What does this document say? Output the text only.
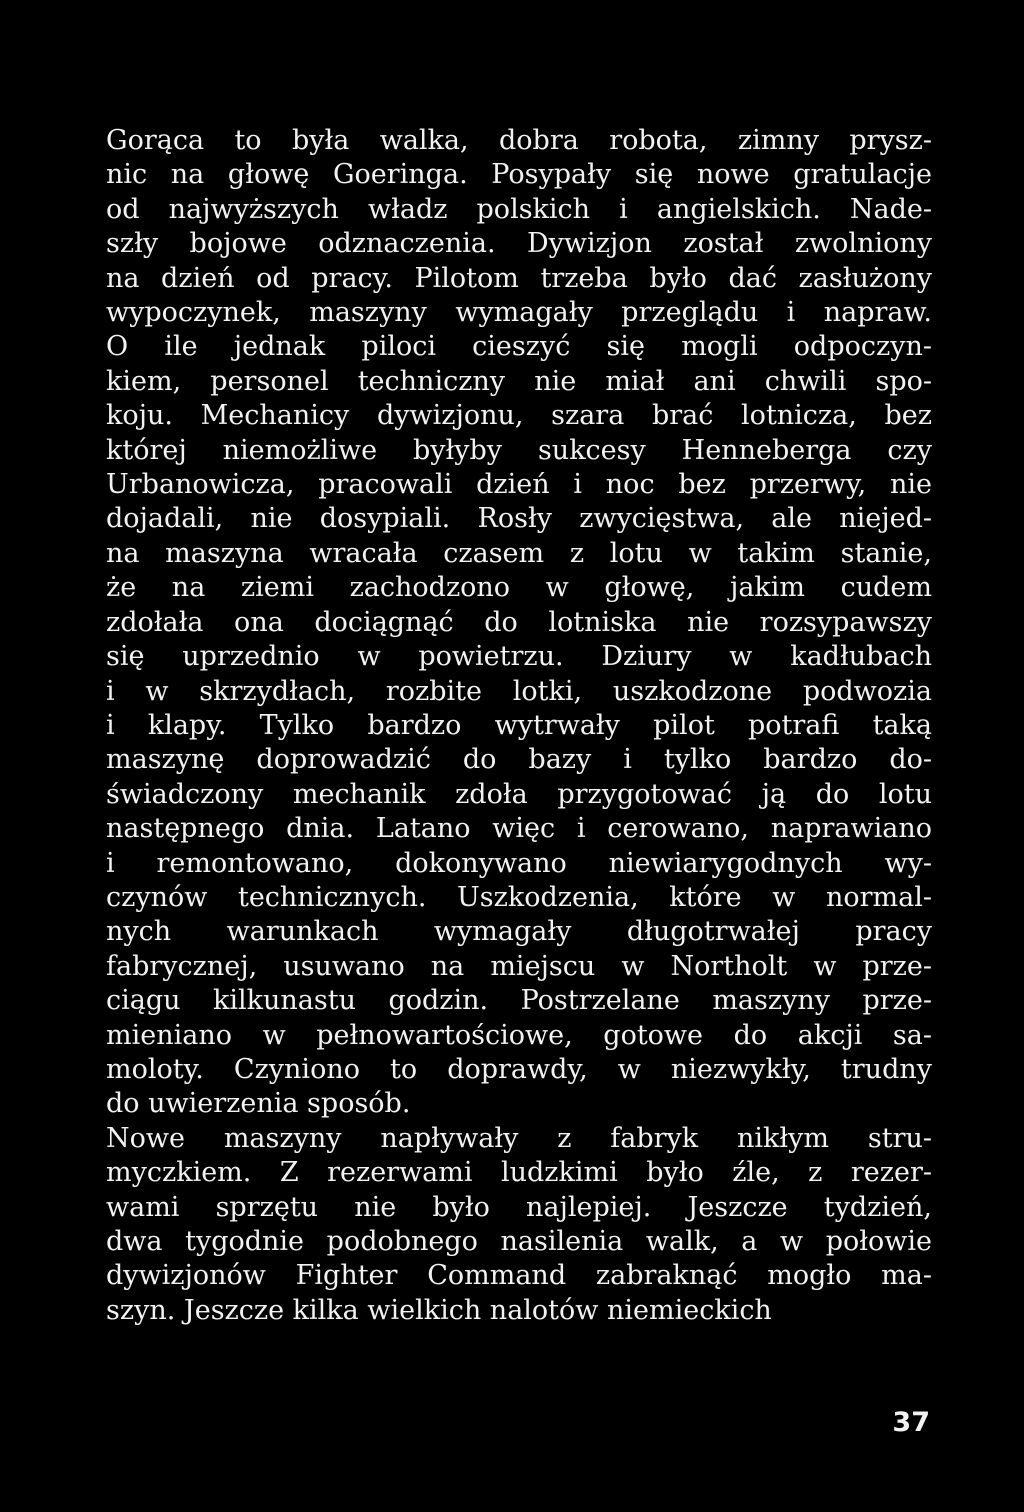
Gorąca to była walka, dobra robota, zimny prysz-
nic na głowę Goeringa. Posypały się nowe gratulacje
od najwyższych władz polskich i angielskich. Nade-
szły bojowe odznaczenia. Dywizjon został zwolniony
na dzień od pracy. Pilotom trzeba było dać zasłużony
wypoczynek, maszyny wymagały przeglądu i napraw.
O ile jednak piloci cieszyć się mogli odpoczyn-
kiem, personel techniczny nie miał ani chwili spo-
koju. Mechanicy dywizjonu, szara brać lotnicza, bez
której niemożliwe byłyby sukcesy Henneberga czy
Urbanowicza, pracowali dzień i noc bez przerwy, nie
dojadali, nie dosypiali. Rosły zwycięstwa, ale niejed-
na maszyna wracała czasem z lotu w takim stanie,
że na ziemi zachodzono w głowę, jakim cudem
zdołała ona dociągnąć do lotniska nie rozsypawszy
się uprzednio w powietrzu. Dziury w kadłubach
i w skrzydłach, rozbite lotki, uszkodzone podwozia
i klapy. Tylko bardzo wytrwały pilot potrafi taką
maszynę doprowadzić do bazy i tylko bardzo do-
świadczony mechanik zdoła przygotować ją do lotu
następnego dnia. Latano więc i cerowano, naprawiano
i remontowano, dokonywano niewiarygodnych wy-
czynów technicznych. Uszkodzenia, które w normal-
nych warunkach wymagały długotrwałej pracy
fabrycznej, usuwano na miejscu w Northolt w prze-
ciągu kilkunastu godzin. Postrzelane maszyny prze-
mieniano w pełnowartościowe, gotowe do akcji sa-
moloty. Czyniono to doprawdy, w niezwykły, trudny
do uwierzenia sposób.

Nowe maszyny napływały z fabryk nikłym stru-
myczkiem. Z rezerwami ludzkimi było źle, z rezer-
wami sprzętu nie było najlepiej. Jeszcze tydzień,
dwa tygodnie podobnego nasilenia walk, a w połowie
dywizjonów Fighter Command zabraknąć mogło ma-
szyn. Jeszcze kilka wielkich nalotów niemieckich

37
